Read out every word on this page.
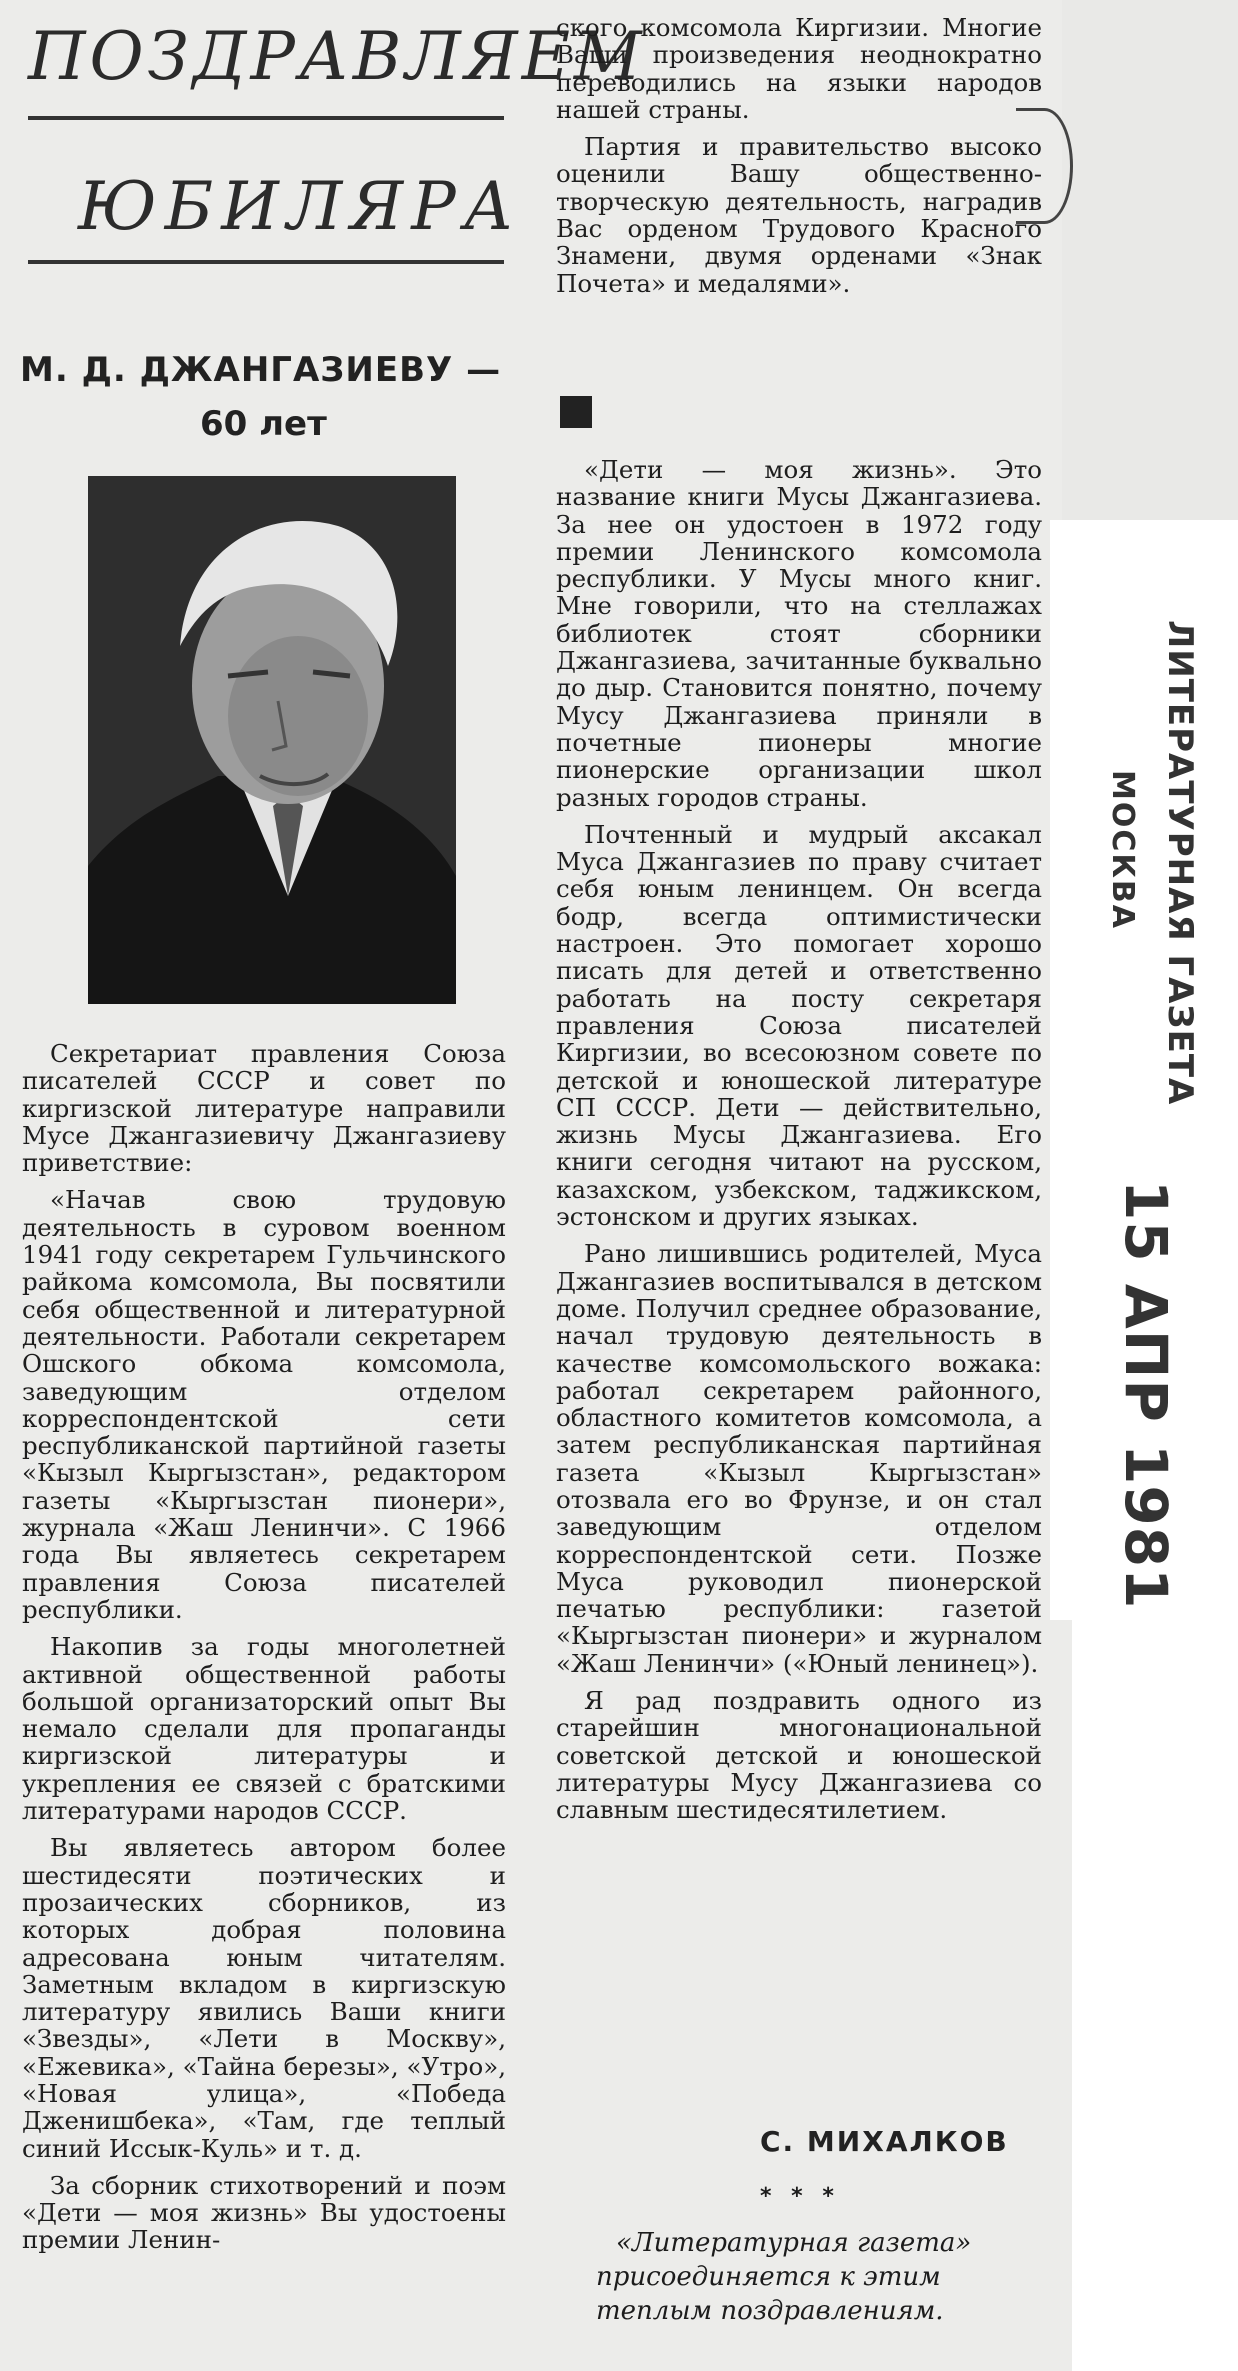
ПОЗДРАВЛЯЕМ
ЮБИЛЯРА
М. Д. ДЖАНГАЗИЕВУ —
60 лет

Секретариат правления Союза писателей СССР и совет по киргизской литературе направили Мусе Джангазиевичу Джангазиеву приветствие:

«Начав свою трудовую деятельность в суровом военном 1941 году секретарем Гульчинского райкома комсомола, Вы посвятили себя общественной и литературной деятельности. Работали секретарем Ошского обкома комсомола, заведующим отделом корреспондентской сети республиканской партийной газеты «Кызыл Кыргызстан», редактором газеты «Кыргызстан пионери», журнала «Жаш Ленинчи». С 1966 года Вы являетесь секретарем правления Союза писателей республики.

Накопив за годы многолетней активной общественной работы большой организаторский опыт Вы немало сделали для пропаганды киргизской литературы и укрепления ее связей с братскими литературами народов СССР.

Вы являетесь автором более шестидесяти поэтических и прозаических сборников, из которых добрая половина адресована юным читателям. Заметным вкладом в киргизскую литературу явились Ваши книги «Звезды», «Лети в Москву», «Ежевика», «Тайна березы», «Утро», «Новая улица», «Победа Дженишбека», «Там, где теплый синий Иссык-Куль» и т. д.

За сборник стихотворений и поэм «Дети — моя жизнь» Вы удостоены премии Ленин-

ского комсомола Киргизии. Многие Ваши произведения неоднократно переводились на языки народов нашей страны.

Партия и правительство высоко оценили Вашу общественно-творческую деятельность, наградив Вас орденом Трудового Красного Знамени, двумя орденами «Знак Почета» и медалями».

«Дети — моя жизнь». Это название книги Мусы Джангазиева. За нее он удостоен в 1972 году премии Ленинского комсомола республики. У Мусы много книг. Мне говорили, что на стеллажах библиотек стоят сборники Джангазиева, зачитанные буквально до дыр. Становится понятно, почему Мусу Джангазиева приняли в почетные пионеры многие пионерские организации школ разных городов страны.

Почтенный и мудрый аксакал Муса Джангазиев по праву считает себя юным ленинцем. Он всегда бодр, всегда оптимистически настроен. Это помогает хорошо писать для детей и ответственно работать на посту секретаря правления Союза писателей Киргизии, во всесоюзном совете по детской и юношеской литературе СП СССР. Дети — действительно, жизнь Мусы Джангазиева. Его книги сегодня читают на русском, казахском, узбекском, таджикском, эстонском и других языках.

Рано лишившись родителей, Муса Джангазиев воспитывался в детском доме. Получил среднее образование, начал трудовую деятельность в качестве комсомольского вожака: работал секретарем районного, областного комитетов комсомола, а затем республиканская партийная газета «Кызыл Кыргызстан» отозвала его во Фрунзе, и он стал заведующим отделом корреспондентской сети. Позже Муса руководил пионерской печатью республики: газетой «Кыргызстан пионери» и журналом «Жаш Ленинчи» («Юный ленинец»).

Я рад поздравить одного из старейшин многонациональной советской детской и юношеской литературы Мусу Джангазиева со славным шестидесятилетием.

С. МИХАЛКОВ
* * *
«Литературная газета» присоединяется к этим теплым поздравлениям.
ЛИТЕРАТУРНАЯ ГАЗЕТА
МОСКВА
15 АПР 1981
